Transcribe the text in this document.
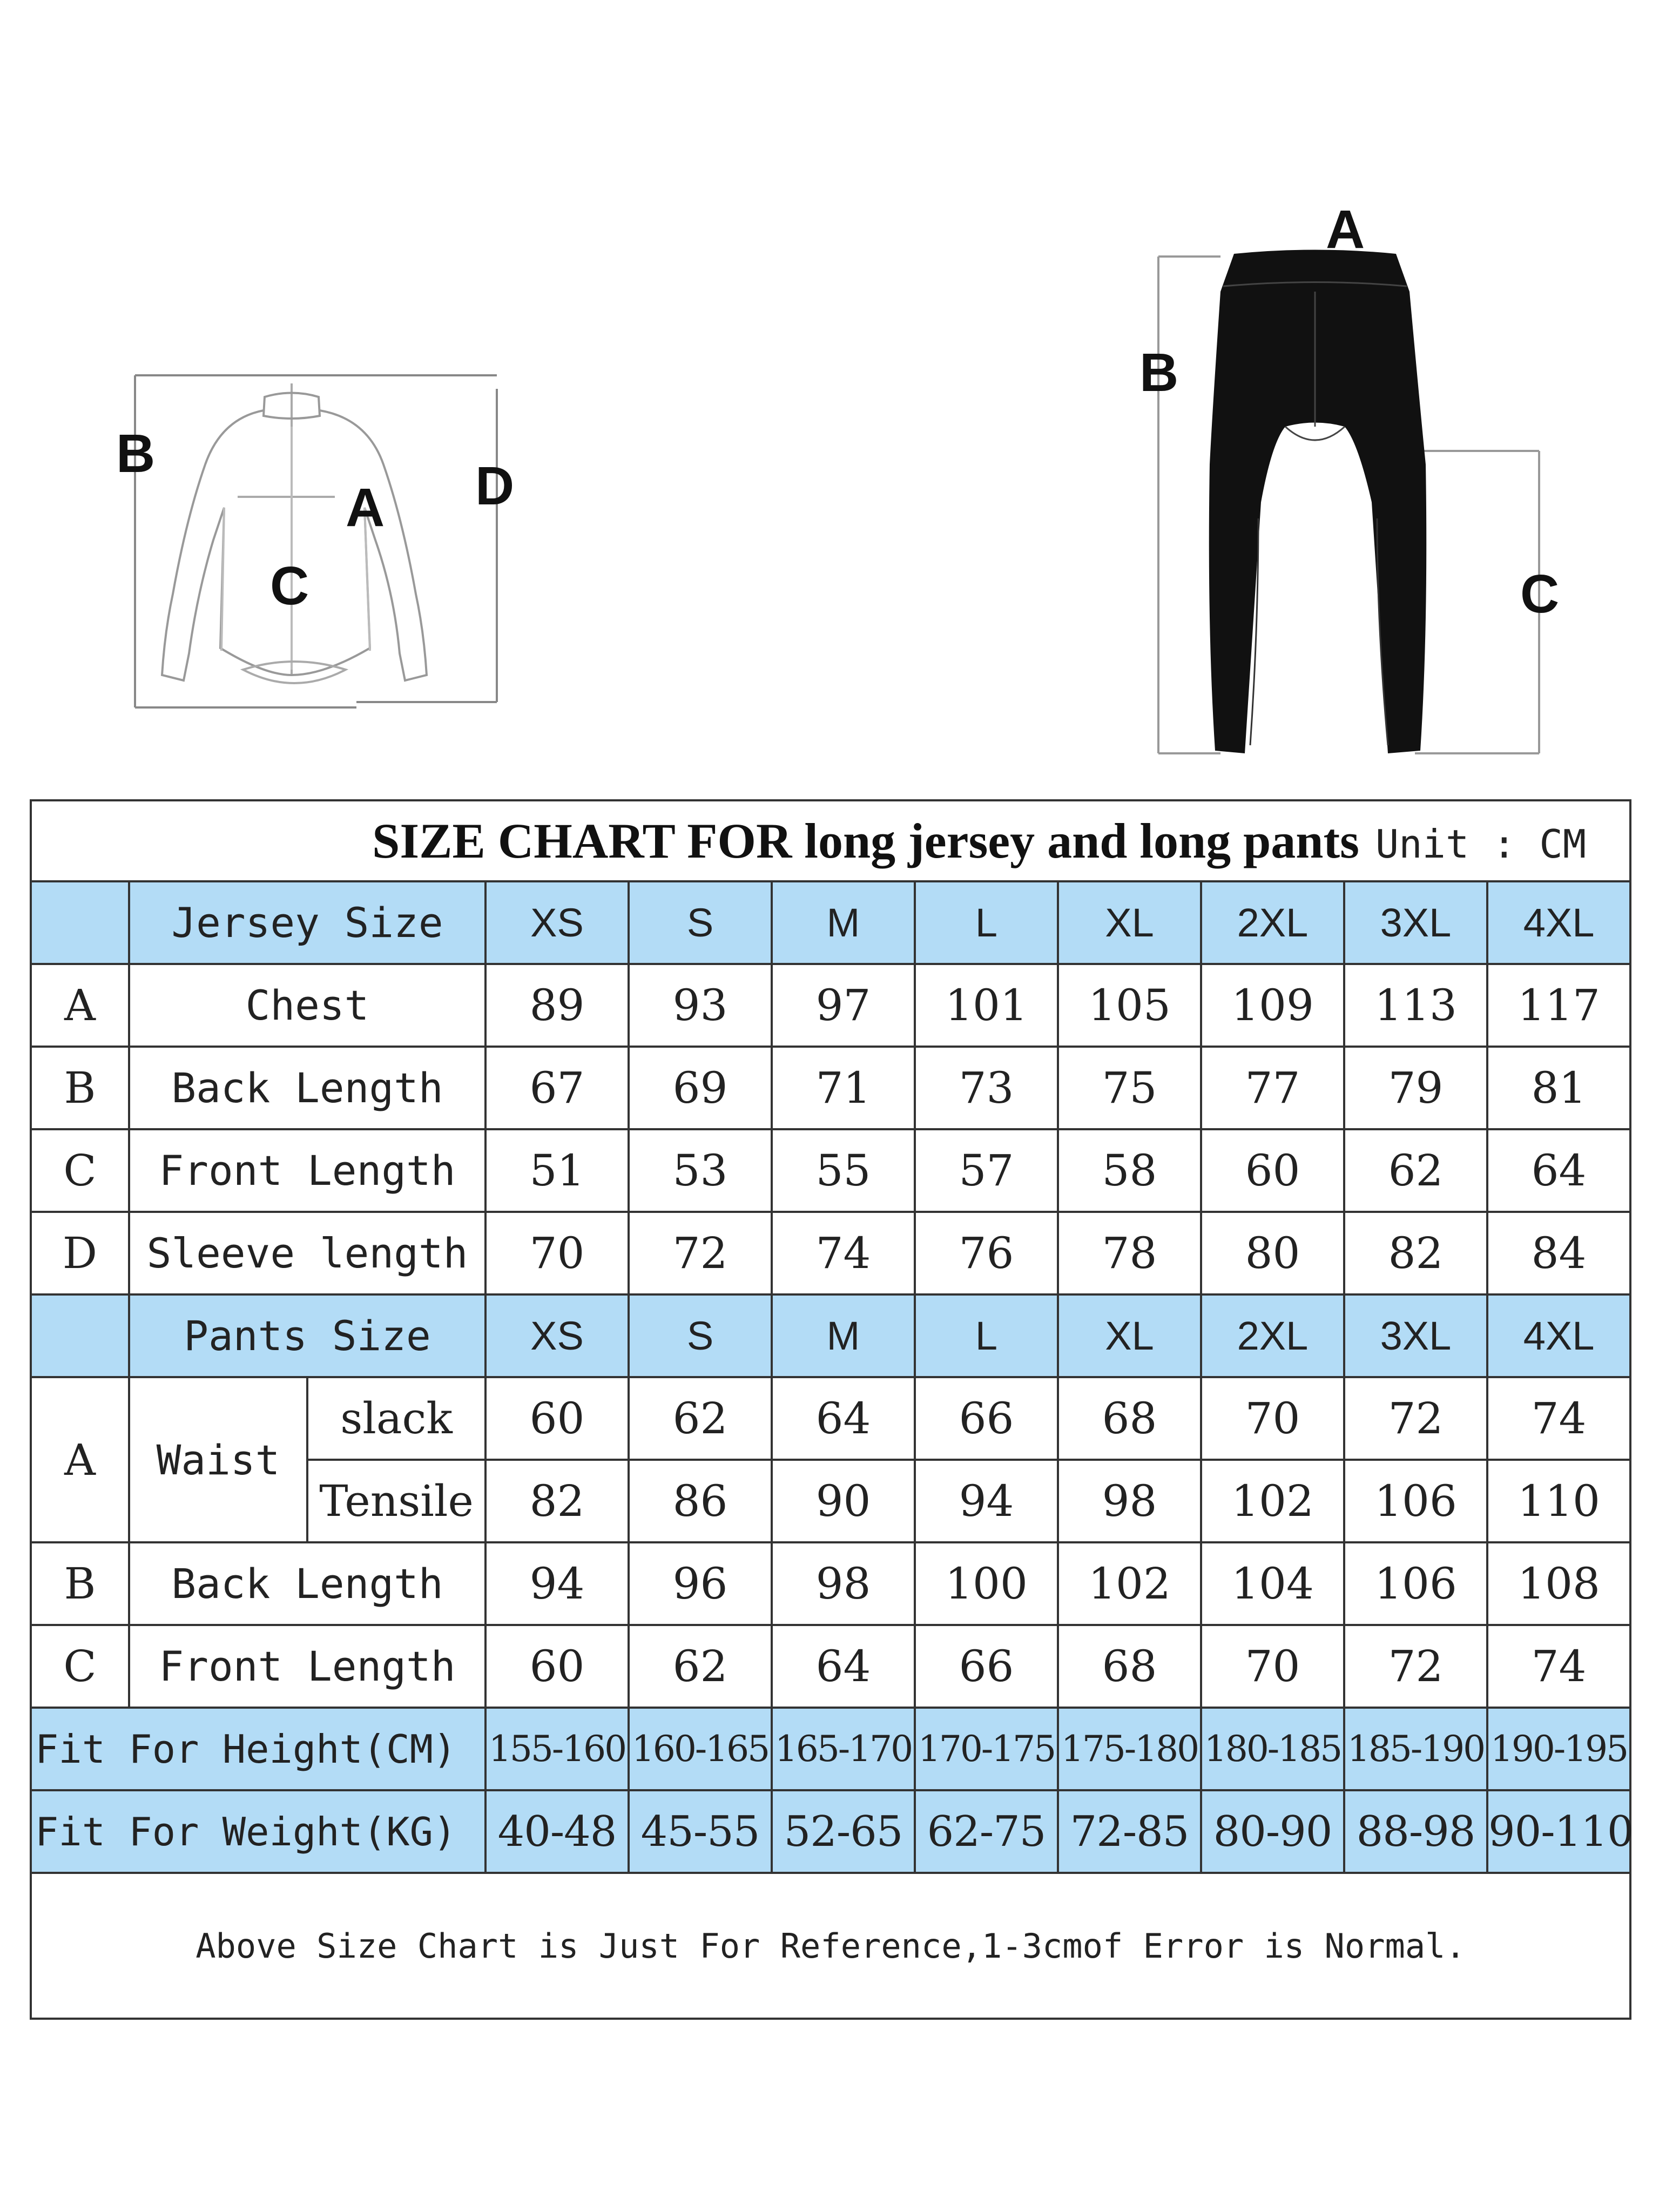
B
A D
C
A
B
C
SIZE CHART FOR long jersey and long pants Unit : CM										
	Jersey Size		XS	S	M	L	XL	2XL	3XL	4XL
A	Chest		89	93	97	101	105	109	113	117
B	Back Length		67	69	71	73	75	77	79	81
C	Front Length		51	53	55	57	58	60	62	64
D	Sleeve length		70	72	74	76	78	80	82	84
	Pants Size		XS	S	M	L	XL	2XL	3XL	4XL
A	Waist	slack	60	62	64	66	68	70	72	74
		Tensile	82	86	90	94	98	102	106	110
B	Back Length		94	96	98	100	102	104	106	108
C	Front Length		60	62	64	66	68	70	72	74
Fit For Height(CM)			155-160	160-165	165-170	170-175	175-180	180-185	185-190	190-195
Fit For Weight(KG)			40-48	45-55	52-65	62-75	72-85	80-90	88-98	90-110
Above Size Chart is Just For Reference,1-3cmof Error is Normal.										
